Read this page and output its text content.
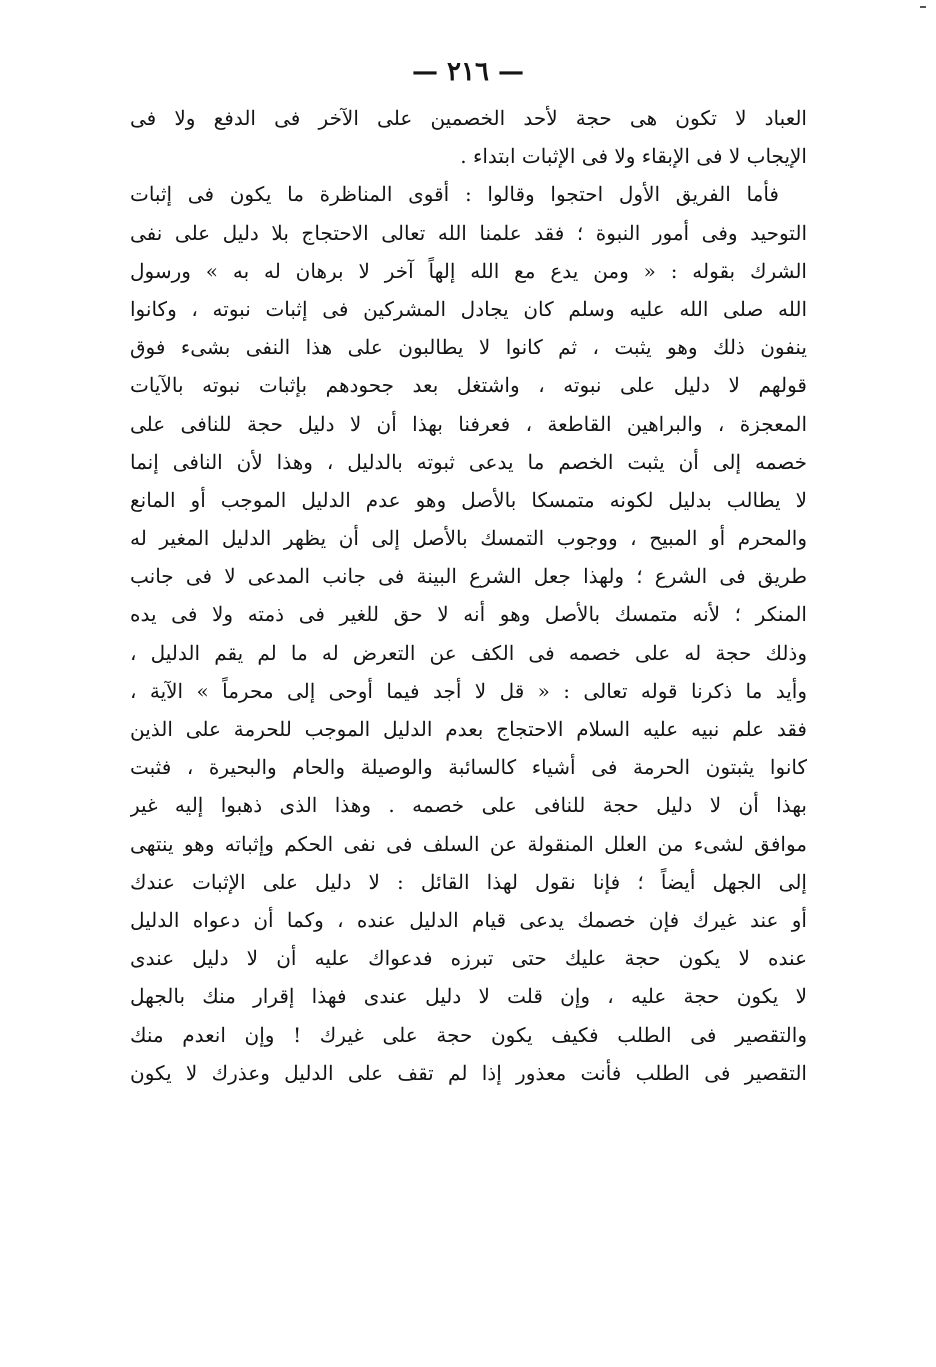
— ٢١٦ —
العباد لا تكون هى حجة لأحد الخصمين على الآخر فى الدفع ولا فى
الإيجاب لا فى الإبقاء ولا فى الإثبات ابتداء .
فأما الفريق الأول احتجوا وقالوا : أقوى المناظرة ما يكون فى إثبات
التوحيد وفى أمور النبوة ؛ فقد علمنا الله تعالى الاحتجاج بلا دليل على نفى
الشرك بقوله : « ومن يدع مع الله إلهاً آخر لا برهان له به » ورسول
الله صلى الله عليه وسلم كان يجادل المشركين فى إثبات نبوته ، وكانوا
ينفون ذلك وهو يثبت ، ثم كانوا لا يطالبون على هذا النفى بشىء فوق
قولهم لا دليل على نبوته ، واشتغل بعد جحودهم بإثبات نبوته بالآيات
المعجزة ، والبراهين القاطعة ، فعرفنا بهذا أن لا دليل حجة للنافى على
خصمه إلى أن يثبت الخصم ما يدعى ثبوته بالدليل ، وهذا لأن النافى إنما
لا يطالب بدليل لكونه متمسكا بالأصل وهو عدم الدليل الموجب أو المانع
والمحرم أو المبيح ، ووجوب التمسك بالأصل إلى أن يظهر الدليل المغير له
طريق فى الشرع ؛ ولهذا جعل الشرع البينة فى جانب المدعى لا فى جانب
المنكر ؛ لأنه متمسك بالأصل وهو أنه لا حق للغير فى ذمته ولا فى يده
وذلك حجة له على خصمه فى الكف عن التعرض له ما لم يقم الدليل ،
وأيد ما ذكرنا قوله تعالى : « قل لا أجد فيما أوحى إلى محرماً » الآية ،
فقد علم نبيه عليه السلام الاحتجاج بعدم الدليل الموجب للحرمة على الذين
كانوا يثبتون الحرمة فى أشياء كالسائبة والوصيلة والحام والبحيرة ، فثبت
بهذا أن لا دليل حجة للنافى على خصمه . وهذا الذى ذهبوا إليه غير
موافق لشىء من العلل المنقولة عن السلف فى نفى الحكم وإثباته وهو ينتهى
إلى الجهل أيضاً ؛ فإنا نقول لهذا القائل : لا دليل على الإثبات عندك
أو عند غيرك فإن خصمك يدعى قيام الدليل عنده ، وكما أن دعواه الدليل
عنده لا يكون حجة عليك حتى تبرزه فدعواك عليه أن لا دليل عندى
لا يكون حجة عليه ، وإن قلت لا دليل عندى فهذا إقرار منك بالجهل
والتقصير فى الطلب فكيف يكون حجة على غيرك ! وإن انعدم منك
التقصير فى الطلب فأنت معذور إذا لم تقف على الدليل وعذرك لا يكون
